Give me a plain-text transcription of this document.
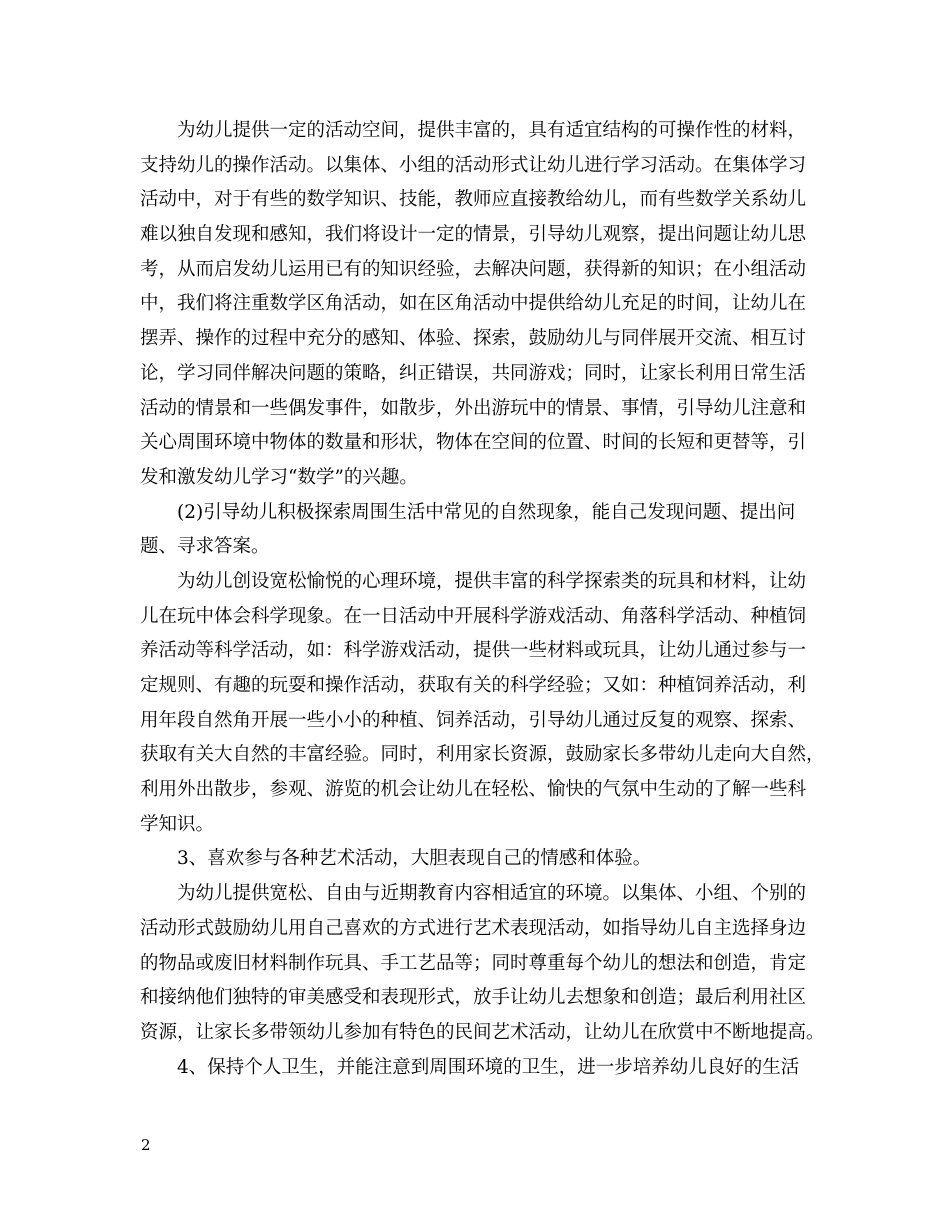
为幼儿提供一定的活动空间，提供丰富的，具有适宜结构的可操作性的材料，
支持幼儿的操作活动。以集体、小组的活动形式让幼儿进行学习活动。在集体学习
活动中，对于有些的数学知识、技能，教师应直接教给幼儿，而有些数学关系幼儿
难以独自发现和感知，我们将设计一定的情景，引导幼儿观察，提出问题让幼儿思
考，从而启发幼儿运用已有的知识经验，去解决问题，获得新的知识；在小组活动
中，我们将注重数学区角活动，如在区角活动中提供给幼儿充足的时间，让幼儿在
摆弄、操作的过程中充分的感知、体验、探索，鼓励幼儿与同伴展开交流、相互讨
论，学习同伴解决问题的策略，纠正错误，共同游戏；同时，让家长利用日常生活
活动的情景和一些偶发事件，如散步，外出游玩中的情景、事情，引导幼儿注意和
关心周围环境中物体的数量和形状，物体在空间的位置、时间的长短和更替等，引
发和激发幼儿学习“数学”的兴趣。
(2)引导幼儿积极探索周围生活中常见的自然现象，能自己发现问题、提出问
题、寻求答案。
为幼儿创设宽松愉悦的心理环境，提供丰富的科学探索类的玩具和材料，让幼
儿在玩中体会科学现象。在一日活动中开展科学游戏活动、角落科学活动、种植饲
养活动等科学活动，如：科学游戏活动，提供一些材料或玩具，让幼儿通过参与一
定规则、有趣的玩耍和操作活动，获取有关的科学经验；又如：种植饲养活动，利
用年段自然角开展一些小小的种植、饲养活动，引导幼儿通过反复的观察、探索、
获取有关大自然的丰富经验。同时，利用家长资源，鼓励家长多带幼儿走向大自然，
利用外出散步，参观、游览的机会让幼儿在轻松、愉快的气氛中生动的了解一些科
学知识。
3、喜欢参与各种艺术活动，大胆表现自己的情感和体验。
为幼儿提供宽松、自由与近期教育内容相适宜的环境。以集体、小组、个别的
活动形式鼓励幼儿用自己喜欢的方式进行艺术表现活动，如指导幼儿自主选择身边
的物品或废旧材料制作玩具、手工艺品等；同时尊重每个幼儿的想法和创造，肯定
和接纳他们独特的审美感受和表现形式，放手让幼儿去想象和创造；最后利用社区
资源，让家长多带领幼儿参加有特色的民间艺术活动，让幼儿在欣赏中不断地提高。
4、保持个人卫生，并能注意到周围环境的卫生，进一步培养幼儿良好的生活
2
